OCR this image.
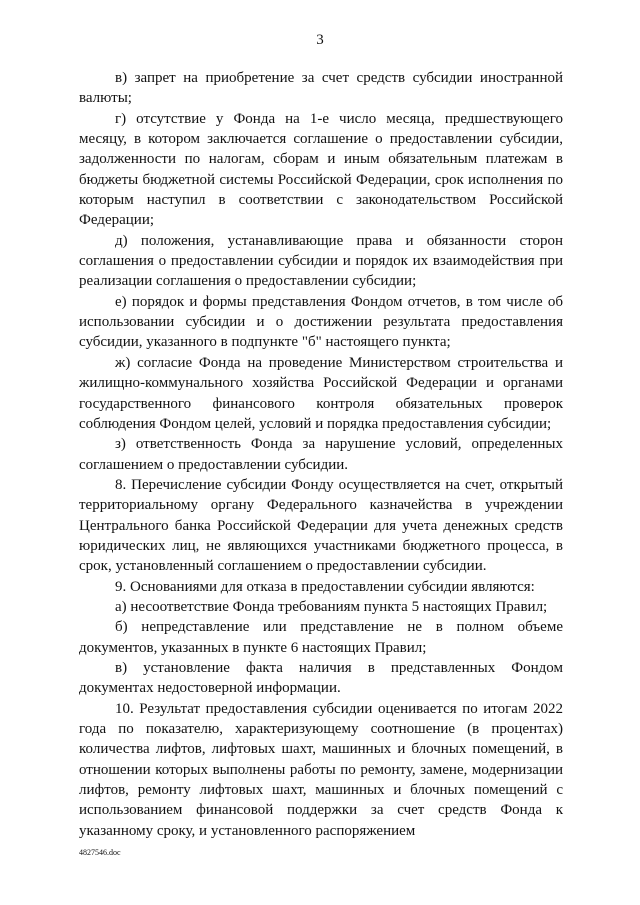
3

в) запрет на приобретение за счет средств субсидии иностранной валюты;

г) отсутствие у Фонда на 1-е число месяца, предшествующего месяцу, в котором заключается соглашение о предоставлении субсидии, задолженности по налогам, сборам и иным обязательным платежам в бюджеты бюджетной системы Российской Федерации, срок исполнения по которым наступил в соответствии с законодательством Российской Федерации;

д) положения, устанавливающие права и обязанности сторон соглашения о предоставлении субсидии и порядок их взаимодействия при реализации соглашения о предоставлении субсидии;

е) порядок и формы представления Фондом отчетов, в том числе об использовании субсидии и о достижении результата предоставления субсидии, указанного в подпункте "б" настоящего пункта;

ж) согласие Фонда на проведение Министерством строительства и жилищно-коммунального хозяйства Российской Федерации и органами государственного финансового контроля обязательных проверок соблюдения Фондом целей, условий и порядка предоставления субсидии;

з) ответственность Фонда за нарушение условий, определенных соглашением о предоставлении субсидии.

8. Перечисление субсидии Фонду осуществляется на счет, открытый территориальному органу Федерального казначейства в учреждении Центрального банка Российской Федерации для учета денежных средств юридических лиц, не являющихся участниками бюджетного процесса, в срок, установленный соглашением о предоставлении субсидии.

9. Основаниями для отказа в предоставлении субсидии являются:

а) несоответствие Фонда требованиям пункта 5 настоящих Правил;

б) непредставление или представление не в полном объеме документов, указанных в пункте 6 настоящих Правил;

в) установление факта наличия в представленных Фондом документах недостоверной информации.

10. Результат предоставления субсидии оценивается по итогам 2022 года по показателю, характеризующему соотношение (в процентах) количества лифтов, лифтовых шахт, машинных и блочных помещений, в отношении которых выполнены работы по ремонту, замене, модернизации лифтов, ремонту лифтовых шахт, машинных и блочных помещений с использованием финансовой поддержки за счет средств Фонда к указанному сроку, и установленного распоряжением

4827546.doc
